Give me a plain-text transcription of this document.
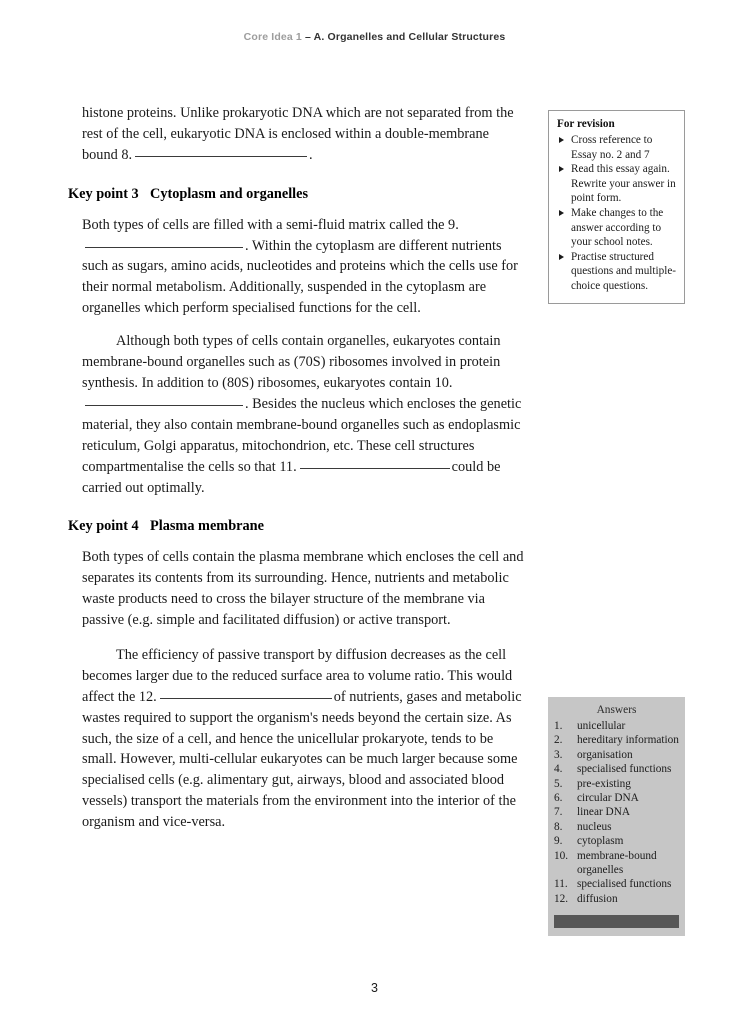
Core Idea 1 – A. Organelles and Cellular Structures

histone proteins. Unlike prokaryotic DNA which are not separated from the rest of the cell, eukaryotic DNA is enclosed within a double-membrane bound 8.	.

Key point 3 Cytoplasm and organelles

Both types of cells are filled with a semi-fluid matrix called the 9.. Within the cytoplasm are different nutrients such as sugars, amino acids, nucleotides and proteins which the cells use for their normal metabolism. Additionally, suspended in the cytoplasm are organelles which perform specialised functions for the cell.

Although both types of cells contain organelles, eukaryotes contain membrane-bound organelles such as (70S) ribosomes involved in protein synthesis. In addition to (80S) ribosomes, eukaryotes contain 10.. Besides the nucleus which encloses the genetic material, they also contain membrane-bound organelles such as endoplasmic reticulum, Golgi apparatus, mitochondrion, etc. These cell structures compartmentalise the cells so that 11.	could be carried out optimally.

Key point 4 Plasma membrane

Both types of cells contain the plasma membrane which encloses the cell and separates its contents from its surrounding. Hence, nutrients and metabolic waste products need to cross the bilayer structure of the membrane via passive (e.g. simple and facilitated diffusion) or active transport.

The efficiency of passive transport by diffusion decreases as the cell becomes larger due to the reduced surface area to volume ratio. This would affect the 12.	of nutrients, gases and metabolic wastes required to support the organism's needs beyond the certain size. As such, the size of a cell, and hence the unicellular prokaryote, tends to be small. However, multi-cellular eukaryotes can be much larger because some specialised cells (e.g. alimentary gut, airways, blood and associated blood vessels) transport the materials from the environment into the interior of the organism and vice-versa.

For revision
Cross reference to Essay no. 2 and 7
Read this essay again. Rewrite your answer in point form.
Make changes to the answer according to your school notes.
Practise structured questions and multiple-choice questions.
Answers
1.	unicellular
2.	hereditary information
3.	organisation
4.	specialised functions
5.	pre-existing
6.	circular DNA
7.	linear DNA
8.	nucleus
9.	cytoplasm
10. membrane-bound organelles
11. specialised functions
12. diffusion
3
